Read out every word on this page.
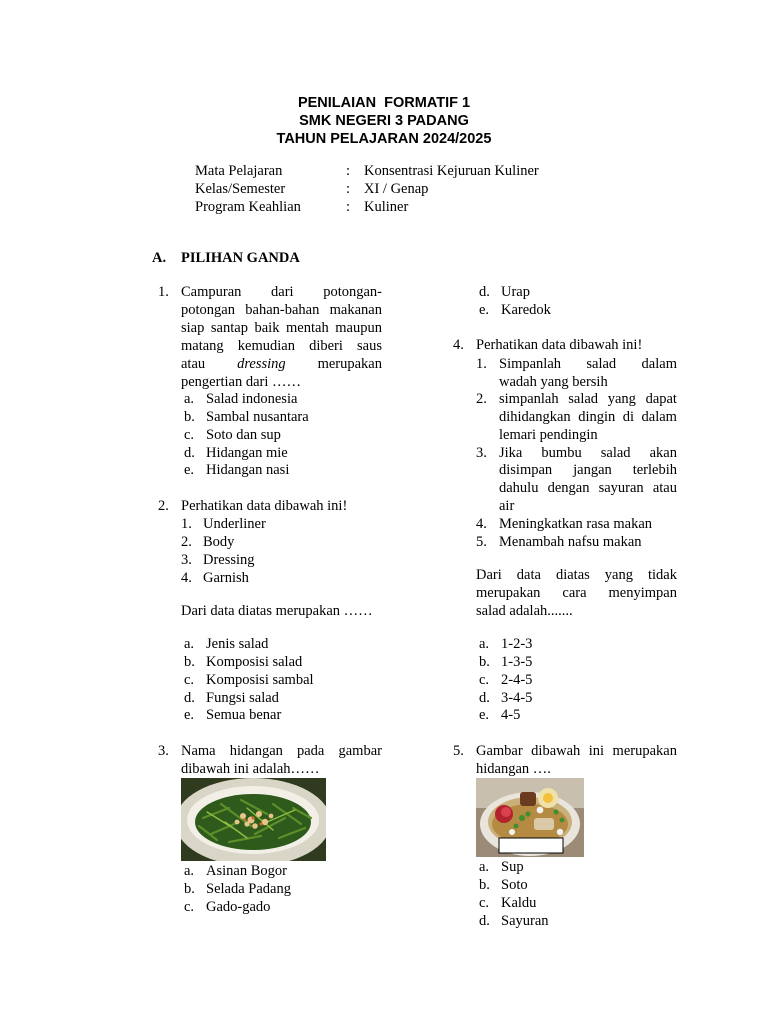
PENILAIAN  FORMATIF 1
SMK NEGERI 3 PADANG
TAHUN PELAJARAN 2024/2025
Mata Pelajaran	: Konsentrasi Kejuruan Kuliner
Kelas/Semester	: XI / Genap
Program Keahlian	: Kuliner
A. PILIHAN GANDA
1. Campuran dari potongan-
potongan bahan-bahan makanan
siap santap baik mentah maupun
matang kemudian diberi saus
atau dressing merupakan
pengertian dari ……
a. Salad indonesia
b. Sambal nusantara
c. Soto dan sup
d. Hidangan mie
e. Hidangan nasi
2. Perhatikan data dibawah ini!
1. Underliner
2. Body
3. Dressing
4. Garnish
Dari data diatas merupakan ……
a. Jenis salad
b. Komposisi salad
c. Komposisi sambal
d. Fungsi salad
e. Semua benar
3. Nama hidangan pada gambar
dibawah ini adalah……
a. Asinan Bogor
b. Selada Padang
c. Gado-gado
d. Urap
e. Karedok
4. Perhatikan data dibawah ini!
1. Simpanlah salad dalam
wadah yang bersih
2. simpanlah salad yang dapat
dihidangkan dingin di dalam
lemari pendingin
3. Jika bumbu salad akan
disimpan jangan terlebih
dahulu dengan sayuran atau
air
4. Meningkatkan rasa makan
5. Menambah nafsu makan
Dari data diatas yang tidak
merupakan cara menyimpan
salad adalah.......
a. 1-2-3
b. 1-3-5
c. 2-4-5
d. 3-4-5
e. 4-5
5. Gambar dibawah ini merupakan
hidangan ….
a. Sup
b. Soto
c. Kaldu
d. Sayuran
